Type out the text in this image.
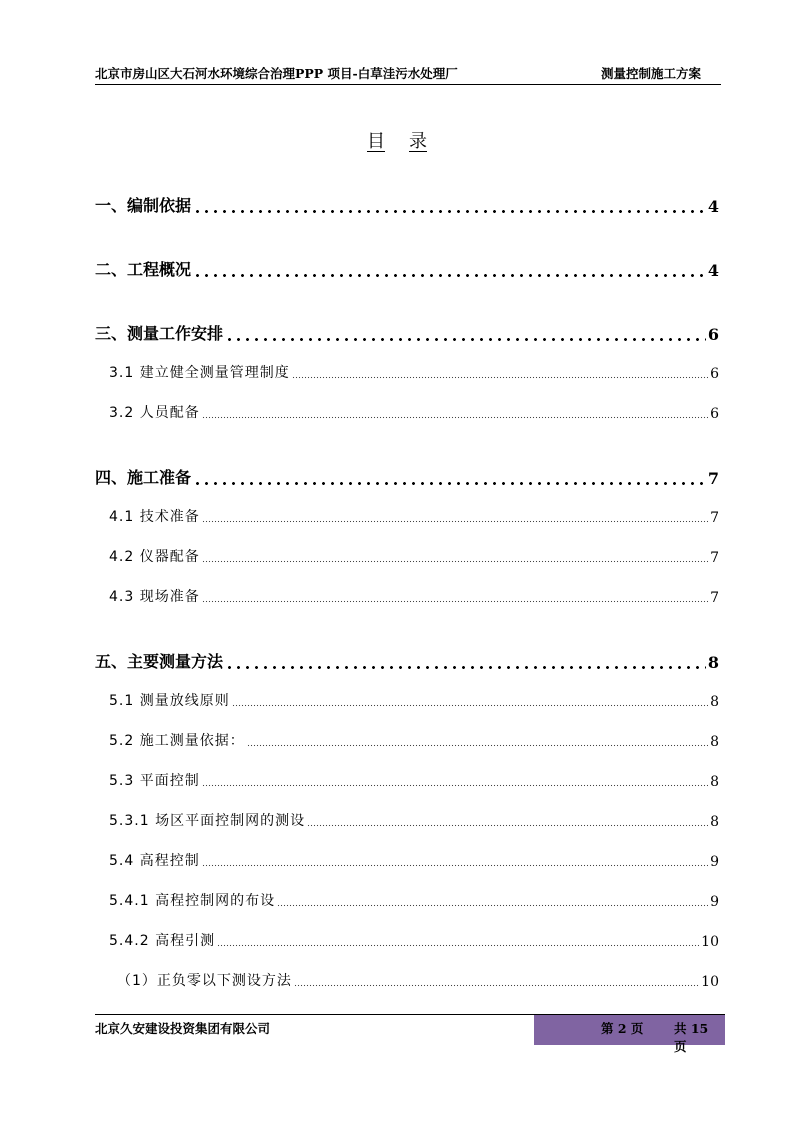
北京市房山区大石河水环境综合治理PPP 项目-白草洼污水处理厂	测量控制施工方案
目 录
一、编制依据	4
二、工程概况	4
三、测量工作安排	6
3.1 建立健全测量管理制度	6
3.2 人员配备	6
四、施工准备	7
4.1 技术准备	7
4.2 仪器配备	7
4.3 现场准备	7
五、主要测量方法	8
5.1 测量放线原则	8
5.2 施工测量依据：	8
5.3 平面控制	8
5.3.1 场区平面控制网的测设	8
5.4 高程控制	9
5.4.1 高程控制网的布设	9
5.4.2 高程引测	10
（1）正负零以下测设方法	10
北京久安建设投资集团有限公司	第 2 页 共 15 页
